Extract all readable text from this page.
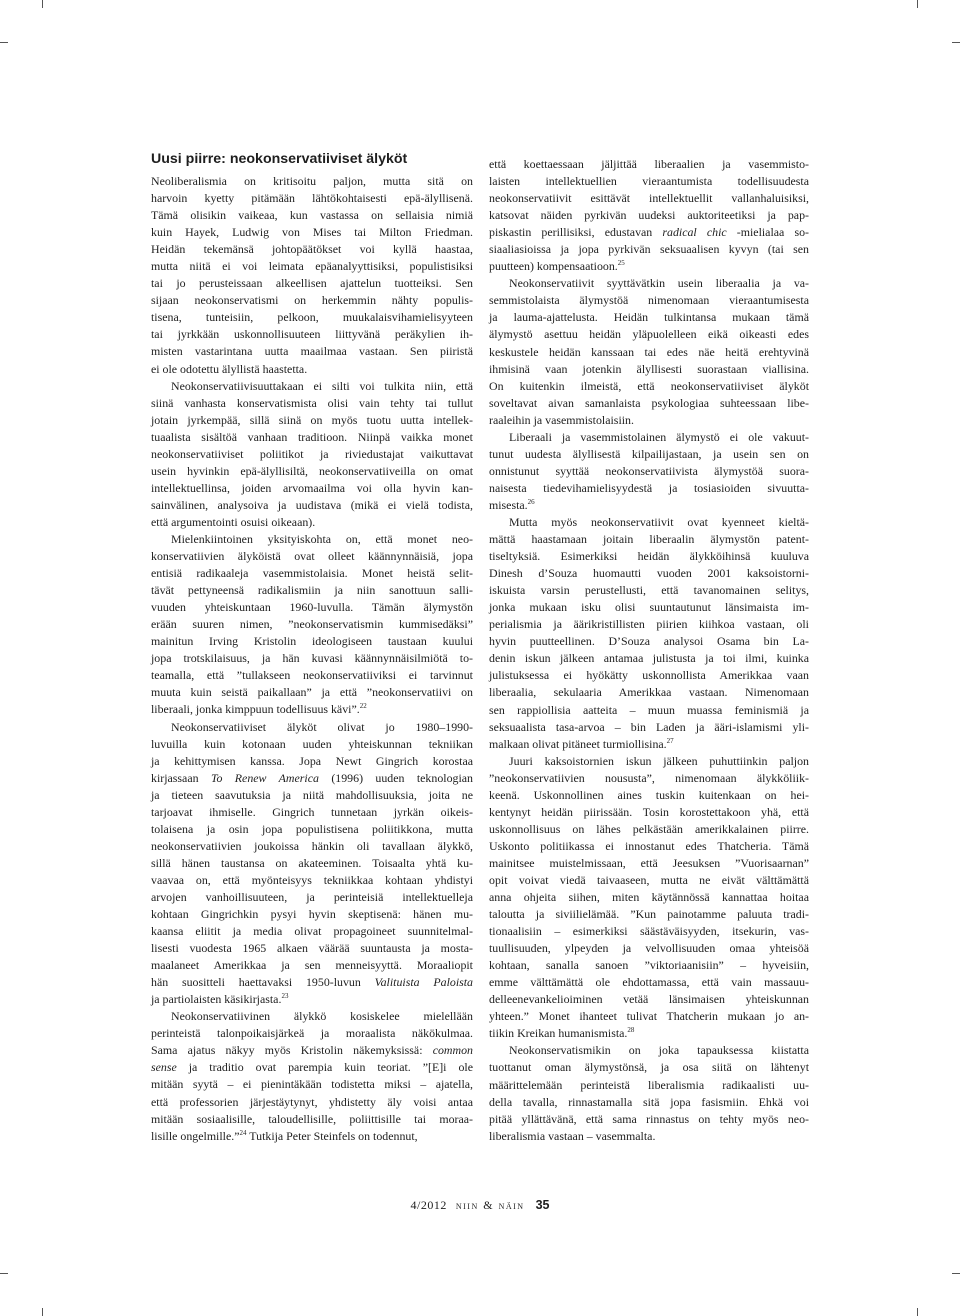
Uusi piirre: neokonservatiiviset älyköt
Neoliberalismia on kritisoitu paljon, mutta sitä on
harvoin kyetty pitämään lähtökohtaisesti epä-älyllisenä.
Tämä olisikin vaikeaa, kun vastassa on sellaisia nimiä
kuin Hayek, Ludwig von Mises tai Milton Friedman.
Heidän tekemänsä johtopäätökset voi kyllä haastaa,
mutta niitä ei voi leimata epäanalyyttisiksi, populistisiksi
tai jo perusteissaan alkeellisen ajattelun tuotteiksi. Sen
sijaan neokonservatismi on herkemmin nähty populis-
tisena, tunteisiin, pelkoon, muukalaisvihamielisyyteen
tai jyrkkään uskonnollisuuteen liittyvänä peräkylien ih-
misten vastarintana uutta maailmaa vastaan. Sen piiristä
ei ole odotettu älyllistä haastetta.
Neokonservatiivisuuttakaan ei silti voi tulkita niin, että
siinä vanhasta konservatismista olisi vain tehty tai tullut
jotain jyrkempää, sillä siinä on myös tuotu uutta intellek-
tuaalista sisältöä vanhaan traditioon. Niinpä vaikka monet
neokonservatiiviset poliitikot ja riviedustajat vaikuttavat
usein hyvinkin epä-älyllisiltä, neokonservatiiveilla on omat
intellektuellinsa, joiden arvomaailma voi olla hyvin kan-
sainvälinen, analysoiva ja uudistava (mikä ei vielä todista,
että argumentointi osuisi oikeaan).
Mielenkiintoinen yksityiskohta on, että monet neo-
konservatiivien älyköistä ovat olleet käännynnäisiä, jopa
entisiä radikaaleja vasemmistolaisia. Monet heistä selit-
tävät pettyneensä radikalismiin ja niin sanottuun salli-
vuuden yhteiskuntaan 1960-luvulla. Tämän älymystön
erään suuren nimen, ”neokonservatismin kummisedäksi”
mainitun Irving Kristolin ideologiseen taustaan kuului
jopa trotskilaisuus, ja hän kuvasi käännynnäisilmiötä to-
teamalla, että ”tullakseen neokonservatiiviksi ei tarvinnut
muuta kuin seistä paikallaan” ja että ”neokonservatiivi on
liberaali, jonka kimppuun todellisuus kävi”.$^{22}$
Neokonservatiiviset älyköt olivat jo 1980–1990-
luvuilla kuin kotonaan uuden yhteiskunnan tekniikan
ja kehittymisen kanssa. Jopa Newt Gingrich korostaa
kirjassaan To Renew America (1996) uuden teknologian
ja tieteen saavutuksia ja niitä mahdollisuuksia, joita ne
tarjoavat ihmiselle. Gingrich tunnetaan jyrkän oikeis-
tolaisena ja osin jopa populistisena poliitikkona, mutta
neokonservatiivien joukoissa hänkin oli tavallaan älykkö,
sillä hänen taustansa on akateeminen. Toisaalta yhtä ku-
vaavaa on, että myönteisyys tekniikkaa kohtaan yhdistyi
arvojen vanhoillisuuteen, ja perinteisiä intellektuelleja
kohtaan Gingrichkin pysyi hyvin skeptisenä: hänen mu-
kaansa eliitit ja media olivat propagoineet suunnitelmal-
lisesti vuodesta 1965 alkaen väärää suuntausta ja mosta-
maalaneet Amerikkaa ja sen menneisyyttä. Moraaliopit
hän suositteli haettavaksi 1950-luvun Valituista Paloista
ja partiolaisten käsikirjasta.$^{23}$
Neokonservatiivinen älykkö kosiskelee mielellään
perinteistä talonpoikaisjärkeä ja moraalista näkökulmaa.
Sama ajatus näkyy myös Kristolin näkemyksissä: common
sense ja traditio ovat parempia kuin teoriat. ”[E]i ole
mitään syytä – ei pienintäkään todistetta miksi – ajatella,
että professorien järjestäytynyt, yhdistetty äly voisi antaa
mitään sosiaalisille, taloudellisille, poliittisille tai moraa-
lisille ongelmille.”$^{24}$ Tutkija Peter Steinfels on todennut,
että koettaessaan jäljittää liberaalien ja vasemmisto-
laisten intellektuellien vieraantumista todellisuudesta
neokonservatiivit esittävät intellektuellit vallanhaluisiksi,
katsovat näiden pyrkivän uudeksi auktoriteetiksi ja pap-
piskastin perillisiksi, edustavan radical chic -mielialaa so-
siaaliasioissa ja jopa pyrkivän seksuaalisen kyvyn (tai sen
puutteen) kompensaatioon.$^{25}$
Neokonservatiivit syyttävätkin usein liberaalia ja va-
semmistolaista älymystöä nimenomaan vieraantumisesta
ja lauma-ajattelusta. Heidän tulkintansa mukaan tämä
älymystö asettuu heidän yläpuolelleen eikä oikeasti edes
keskustele heidän kanssaan tai edes näe heitä erehtyvinä
ihmisinä vaan jotenkin älyllisesti suorastaan viallisina.
On kuitenkin ilmeistä, että neokonservatiiviset älyköt
soveltavat aivan samanlaista psykologiaa suhteessaan libe-
raaleihin ja vasemmistolaisiin.
Liberaali ja vasemmistolainen älymystö ei ole vakuut-
tunut uudesta älyllisestä kilpailijastaan, ja usein sen on
onnistunut syyttää neokonservatiivista älymystöä suora-
naisesta tiedevihamielisyydestä ja tosiasioiden sivuutta-
misesta.$^{26}$
Mutta myös neokonservatiivit ovat kyenneet kieltä-
mättä haastamaan joitain liberaalin älymystön patent-
tiseltyksiä. Esimerkiksi heidän älykköihinsä kuuluva
Dinesh d’Souza huomautti vuoden 2001 kaksoistorni-
iskuista varsin perustellusti, että tavanomainen selitys,
jonka mukaan isku olisi suuntautunut länsimaista im-
perialismia ja äärikristillisten piirien kiihkoa vastaan, oli
hyvin puutteellinen. D’Souza analysoi Osama bin La-
denin iskun jälkeen antamaa julistusta ja toi ilmi, kuinka
julistuksessa ei hyökätty uskonnollista Amerikkaa vaan
liberaalia, sekulaaria Amerikkaa vastaan. Nimenomaan
sen rappiollisia aatteita – muun muassa feminismiä ja
seksuaalista tasa-arvoa – bin Laden ja ääri-islamismi yli-
malkaan olivat pitäneet turmiollisina.$^{27}$
Juuri kaksoistornien iskun jälkeen puhuttiinkin paljon
”neokonservatiivien noususta”, nimenomaan älykköliik-
keenä. Uskonnollinen aines tuskin kuitenkaan on hei-
kentynyt heidän piirissään. Tosin korostettakoon yhä, että
uskonnollisuus on lähes pelkästään amerikkalainen piirre.
Uskonto politiikassa ei innostanut edes Thatcheria. Tämä
mainitsee muistelmissaan, että Jeesuksen ”Vuorisaarnan”
opit voivat viedä taivaaseen, mutta ne eivät välttämättä
anna ohjeita siihen, miten käytännössä kannattaa hoitaa
taloutta ja siviilielämää. ”Kun painotamme paluuta tradi-
tionaalisiin – esimerkiksi säästäväisyyden, itsekurin, vas-
tuullisuuden, ylpeyden ja velvollisuuden omaa yhteisöä
kohtaan, sanalla sanoen ”viktoriaanisiin” – hyveisiin,
emme välttämättä ole ehdottamassa, että vain massauu-
delleenevankelioiminen vetää länsimaisen yhteiskunnan
yhteen.” Monet ihanteet tulivat Thatcherin mukaan jo an-
tiikin Kreikan humanismista.$^{28}$
Neokonservatismikin on joka tapauksessa kiistatta
tuottanut oman älymystönsä, ja osa siitä on lähtenyt
määrittelemään perinteistä liberalismia radikaalisti uu-
della tavalla, rinnastamalla sitä jopa fasismiin. Ehkä voi
pitää yllättävänä, että sama rinnastus on tehty myös neo-
liberalismia vastaan – vasemmalta.
4/2012 niin & näin 35
